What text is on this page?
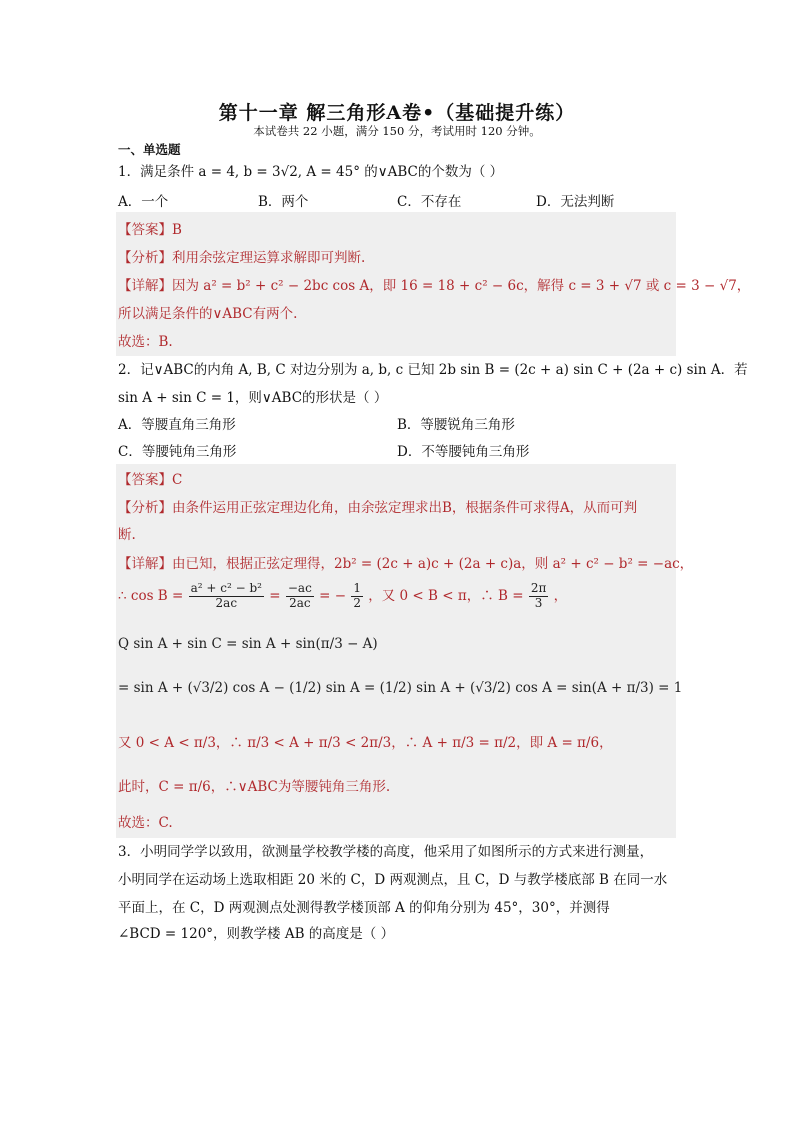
第十一章 解三角形A卷•（基础提升练）
本试卷共 22 小题，满分 150 分，考试用时 120 分钟。
一、单选题
1．满足条件 a = 4, b = 3√2, A = 45° 的∨ABC的个数为（ ）
A．一个	B．两个	C．不存在	D．无法判断
【答案】B
【分析】利用余弦定理运算求解即可判断.
【详解】因为 a² = b² + c² − 2bc cos A，即 16 = 18 + c² − 6c，解得 c = 3 + √7 或 c = 3 − √7，
所以满足条件的∨ABC有两个.
故选：B.
2．记∨ABC的内角 A, B, C 对边分别为 a, b, c 已知 2b sin B = (2c + a) sin C + (2a + c) sin A．若
sin A + sin C = 1，则∨ABC的形状是（ ）
A．等腰直角三角形	B．等腰锐角三角形
C．等腰钝角三角形	D．不等腰钝角三角形
【答案】C
【分析】由条件运用正弦定理边化角，由余弦定理求出B，根据条件可求得A，从而可判
断.
【详解】由已知，根据正弦定理得，2b² = (2c + a)c + (2a + c)a，则 a² + c² − b² = −ac，
∴ $\cos B = \frac{\text{a² + c² − b²}}{2ac} = \frac{-ac}{2ac}$ = − $\frac{1}{2}$ ，又 0 < B < π，∴ $B = \frac{2\pi}{3}$ ，
Q sin A + sin C = sin A + sin(π/3 − A)
= sin A + (√3/2) cos A − (1/2) sin A = (1/2) sin A + (√3/2) cos A = sin(A + π/3) = 1
又 0 < A < π/3，∴ π/3 < A + π/3 < 2π/3，∴ A + π/3 = π/2，即 A = π/6，
此时，C = π/6，∴∨ABC为等腰钝角三角形.
故选：C.
3．小明同学学以致用，欲测量学校教学楼的高度，他采用了如图所示的方式来进行测量，
小明同学在运动场上选取相距 20 米的 C，D 两观测点，且 C，D 与教学楼底部 B 在同一水
平面上，在 C，D 两观测点处测得教学楼顶部 A 的仰角分别为 45°，30°，并测得
∠BCD = 120°，则教学楼 AB 的高度是（ ）
